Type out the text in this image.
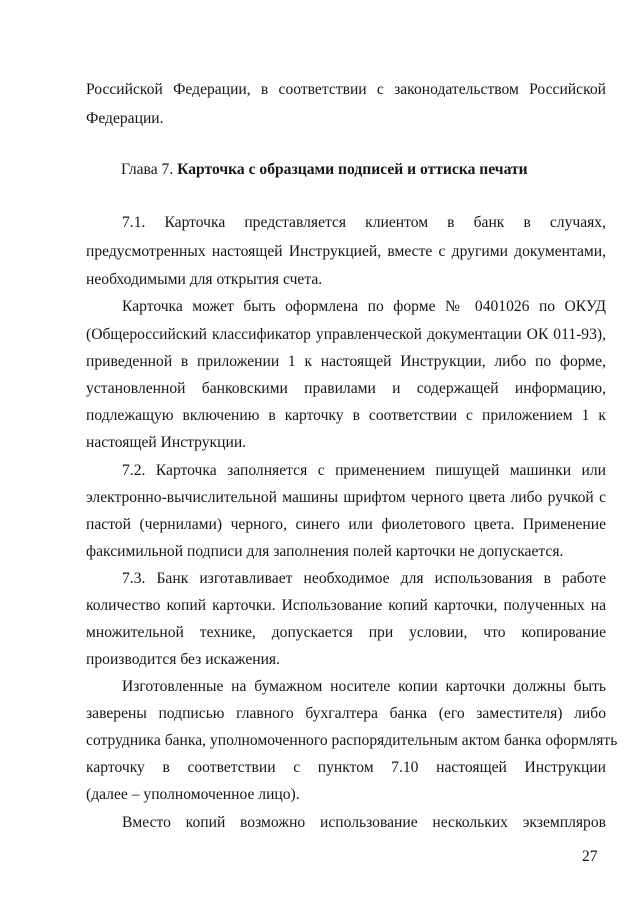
Российской Федерации, в соответствии с законодательством Российской
Федерации.
Глава 7. Карточка с образцами подписей и оттиска печати
7.1. Карточка представляется клиентом в банк в случаях,
предусмотренных настоящей Инструкцией, вместе с другими документами,
необходимыми для открытия счета.
Карточка может быть оформлена по форме № 0401026 по ОКУД
(Общероссийский классификатор управленческой документации ОК 011-93),
приведенной в приложении 1 к настоящей Инструкции, либо по форме,
установленной банковскими правилами и содержащей информацию,
подлежащую включению в карточку в соответствии с приложением 1 к
настоящей Инструкции.
7.2. Карточка заполняется с применением пишущей машинки или
электронно-вычислительной машины шрифтом черного цвета либо ручкой с
пастой (чернилами) черного, синего или фиолетового цвета. Применение
факсимильной подписи для заполнения полей карточки не допускается.
7.3. Банк изготавливает необходимое для использования в работе
количество копий карточки. Использование копий карточки, полученных на
множительной технике, допускается при условии, что копирование
производится без искажения.
Изготовленные на бумажном носителе копии карточки должны быть
заверены подписью главного бухгалтера банка (его заместителя) либо
сотрудника банка, уполномоченного распорядительным актом банка оформлять
карточку в соответствии с пунктом 7.10 настоящей Инструкции
(далее – уполномоченное лицо).
Вместо копий возможно использование нескольких экземпляров
27
